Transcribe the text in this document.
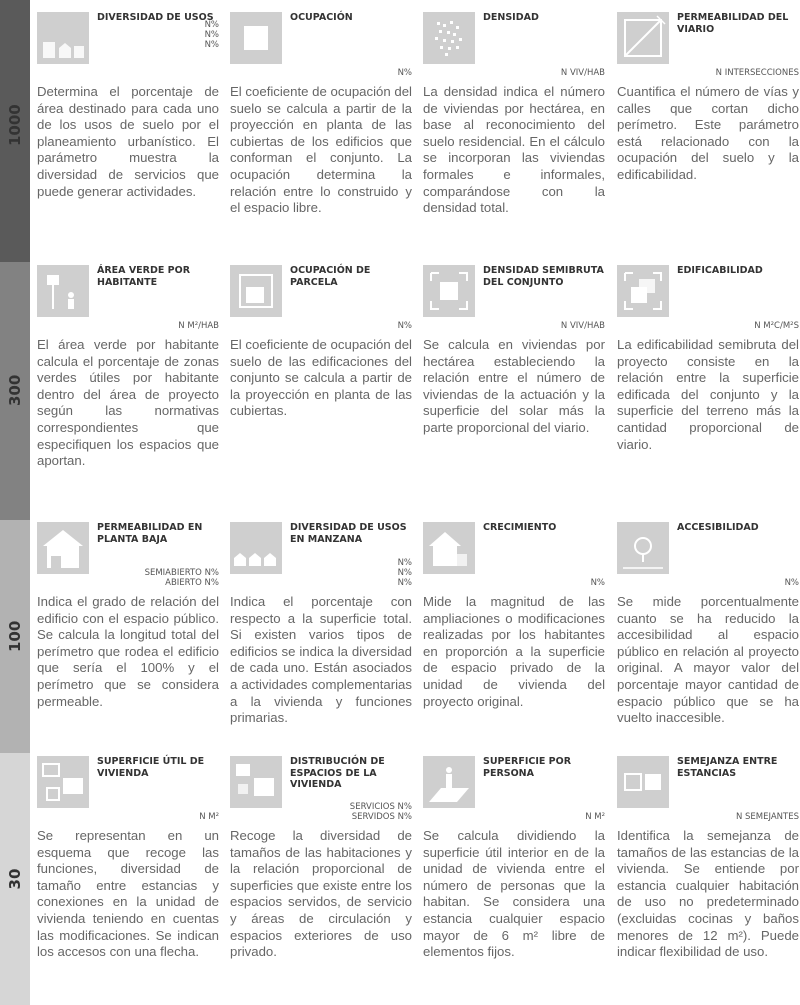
1000
300
100
30
DIVERSIDAD DE USOS
N%
N%
N%

Determina el porcentaje de área destinado para cada uno de los usos de suelo por el planeamiento urbanístico. El parámetro muestra la diversidad de servicios que puede generar actividades.

OCUPACIÓN
N%

El coeficiente de ocupación del suelo se calcula a partir de la proyección en planta de las cubiertas de los edificios que conforman el conjunto. La ocupación determina la relación entre lo construido y el espacio libre.

DENSIDAD
N VIV/HAB

La densidad indica el número de viviendas por hectárea, en base al reconocimiento del suelo residencial. En el cálculo se incorporan las viviendas formales e informales, comparándose con la densidad total.

PERMEABILIDAD DEL VIARIO
N INTERSECCIONES

Cuantifica el número de vías y calles que cortan dicho perímetro. Este parámetro está relacionado con la ocupación del suelo y la edificabilidad.

ÁREA VERDE POR HABITANTE
N M²/HAB

El área verde por habitante calcula el porcentaje de zonas verdes útiles por habitante dentro del área de proyecto según las normativas correspondientes que especifiquen los espacios que aportan.

OCUPACIÓN DE PARCELA
N%

El coeficiente de ocupación del suelo de las edificaciones del conjunto se calcula a partir de la proyección en planta de las cubiertas.

DENSIDAD SEMIBRUTA DEL CONJUNTO
N VIV/HAB

Se calcula en viviendas por hectárea estableciendo la relación entre el número de viviendas de la actuación y la superficie del solar más la parte proporcional del viario.

EDIFICABILIDAD
N M²C/M²S

La edificabilidad semibruta del proyecto consiste en la relación entre la superficie edificada del conjunto y la superficie del terreno más la cantidad proporcional de viario.

PERMEABILIDAD EN PLANTA BAJA
SEMIABIERTO N%
ABIERTO N%

Indica el grado de relación del edificio con el espacio público. Se calcula la longitud total del perímetro que rodea el edificio que sería el 100% y el perímetro que se considera permeable.

DIVERSIDAD DE USOS EN MANZANA
N%
N%
N%

Indica el porcentaje con respecto a la superficie total. Si existen varios tipos de edificios se indica la diversidad de cada uno. Están asociados a actividades complementarias a la vivienda y funciones primarias.

CRECIMIENTO
N%

Mide la magnitud de las ampliaciones o modificaciones realizadas por los habitantes en proporción a la superficie de espacio privado de la unidad de vivienda del proyecto original.

ACCESIBILIDAD
N%

Se mide porcentualmente cuanto se ha reducido la accesibilidad al espacio público en relación al proyecto original. A mayor valor del porcentaje mayor cantidad de espacio público que se ha vuelto inaccesible.

SUPERFICIE ÚTIL DE VIVIENDA
N M²

Se representan en un esquema que recoge las funciones, diversidad de tamaño entre estancias y conexiones en la unidad de vivienda teniendo en cuentas las modificaciones. Se indican los accesos con una flecha.

DISTRIBUCIÓN DE ESPACIOS DE LA VIVIENDA
SERVICIOS N%
SERVIDOS N%

Recoge la diversidad de tamaños de las habitaciones y la relación proporcional de superficies que existe entre los espacios servidos, de servicio y áreas de circulación y espacios exteriores de uso privado.

SUPERFICIE POR PERSONA
N M²

Se calcula dividiendo la superficie útil interior en de la unidad de vivienda entre el número de personas que la habitan. Se considera una estancia cualquier espacio mayor de 6 m² libre de elementos fijos.

SEMEJANZA ENTRE ESTANCIAS
N SEMEJANTES

Identifica la semejanza de tamaños de las estancias de la vivienda. Se entiende por estancia cualquier habitación de uso no predeterminado (excluidas cocinas y baños menores de 12 m²). Puede indicar flexibilidad de uso.
